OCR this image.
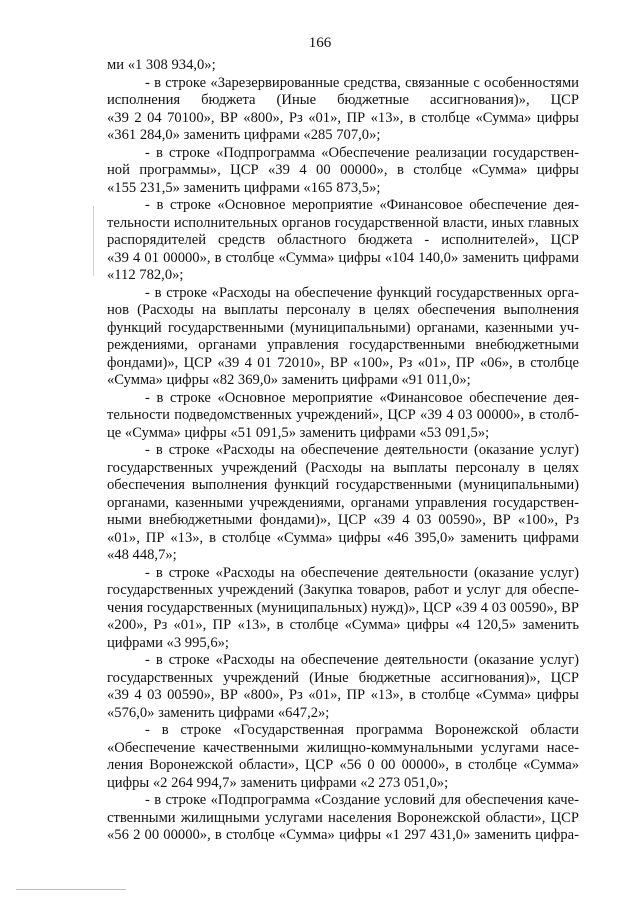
166
ми «1 308 934,0»;
- в строке «Зарезервированные средства, связанные с особенностями
исполнения бюджета (Иные бюджетные ассигнования)», ЦСР
«39 2 04 70100», ВР «800», Рз «01», ПР «13», в столбце «Сумма» цифры
«361 284,0» заменить цифрами «285 707,0»;
- в строке «Подпрограмма «Обеспечение реализации государствен-
ной программы», ЦСР «39 4 00 00000», в столбце «Сумма» цифры
«155 231,5» заменить цифрами «165 873,5»;
- в строке «Основное мероприятие «Финансовое обеспечение дея-
тельности исполнительных органов государственной власти, иных главных
распорядителей средств областного бюджета - исполнителей», ЦСР
«39 4 01 00000», в столбце «Сумма» цифры «104 140,0» заменить цифрами
«112 782,0»;
- в строке «Расходы на обеспечение функций государственных орга-
нов (Расходы на выплаты персоналу в целях обеспечения выполнения
функций государственными (муниципальными) органами, казенными уч-
реждениями, органами управления государственными внебюджетными
фондами)», ЦСР «39 4 01 72010», ВР «100», Рз «01», ПР «06», в столбце
«Сумма» цифры «82 369,0» заменить цифрами «91 011,0»;
- в строке «Основное мероприятие «Финансовое обеспечение дея-
тельности подведомственных учреждений», ЦСР «39 4 03 00000», в столб-
це «Сумма» цифры «51 091,5» заменить цифрами «53 091,5»;
- в строке «Расходы на обеспечение деятельности (оказание услуг)
государственных учреждений (Расходы на выплаты персоналу в целях
обеспечения выполнения функций государственными (муниципальными)
органами, казенными учреждениями, органами управления государствен-
ными внебюджетными фондами)», ЦСР «39 4 03 00590», ВР «100», Рз
«01», ПР «13», в столбце «Сумма» цифры «46 395,0» заменить цифрами
«48 448,7»;
- в строке «Расходы на обеспечение деятельности (оказание услуг)
государственных учреждений (Закупка товаров, работ и услуг для обеспе-
чения государственных (муниципальных) нужд)», ЦСР «39 4 03 00590», ВР
«200», Рз «01», ПР «13», в столбце «Сумма» цифры «4 120,5» заменить
цифрами «3 995,6»;
- в строке «Расходы на обеспечение деятельности (оказание услуг)
государственных учреждений (Иные бюджетные ассигнования)», ЦСР
«39 4 03 00590», ВР «800», Рз «01», ПР «13», в столбце «Сумма» цифры
«576,0» заменить цифрами «647,2»;
- в строке «Государственная программа Воронежской области
«Обеспечение качественными жилищно-коммунальными услугами насе-
ления Воронежской области», ЦСР «56 0 00 00000», в столбце «Сумма»
цифры «2 264 994,7» заменить цифрами «2 273 051,0»;
- в строке «Подпрограмма «Создание условий для обеспечения каче-
ственными жилищными услугами населения Воронежской области», ЦСР
«56 2 00 00000», в столбце «Сумма» цифры «1 297 431,0» заменить цифра-
